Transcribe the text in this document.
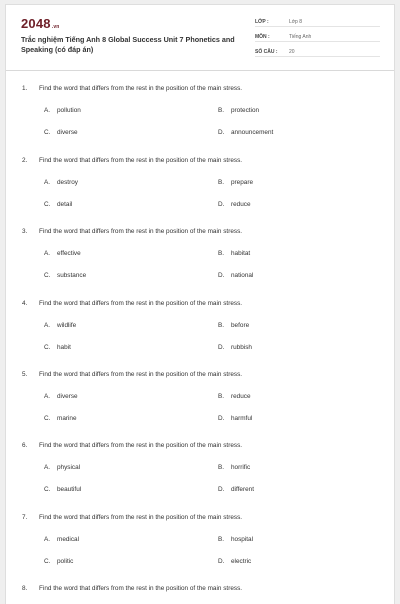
2048.vn
Trắc nghiệm Tiếng Anh 8 Global Success Unit 7 Phonetics and Speaking (có đáp án)
LỚP :	Lớp 8
MÔN :	Tiếng Anh
SỐ CÂU : 20
1. Find the word that differs from the rest in the position of the main stress.
A. pollution	B. protection
C. diverse	D. announcement
2. Find the word that differs from the rest in the position of the main stress.
A. destroy	B. prepare
C. detail	D. reduce
3. Find the word that differs from the rest in the position of the main stress.
A. effective	B. habitat
C. substance	D. national
4. Find the word that differs from the rest in the position of the main stress.
A. wildlife	B. before
C. habit	D. rubbish
5. Find the word that differs from the rest in the position of the main stress.
A. diverse	B. reduce
C. marine	D. harmful
6. Find the word that differs from the rest in the position of the main stress.
A. physical	B. horrific
C. beautiful	D. different
7. Find the word that differs from the rest in the position of the main stress.
A. medical	B. hospital
C. politic	D. electric
8. Find the word that differs from the rest in the position of the main stress.
